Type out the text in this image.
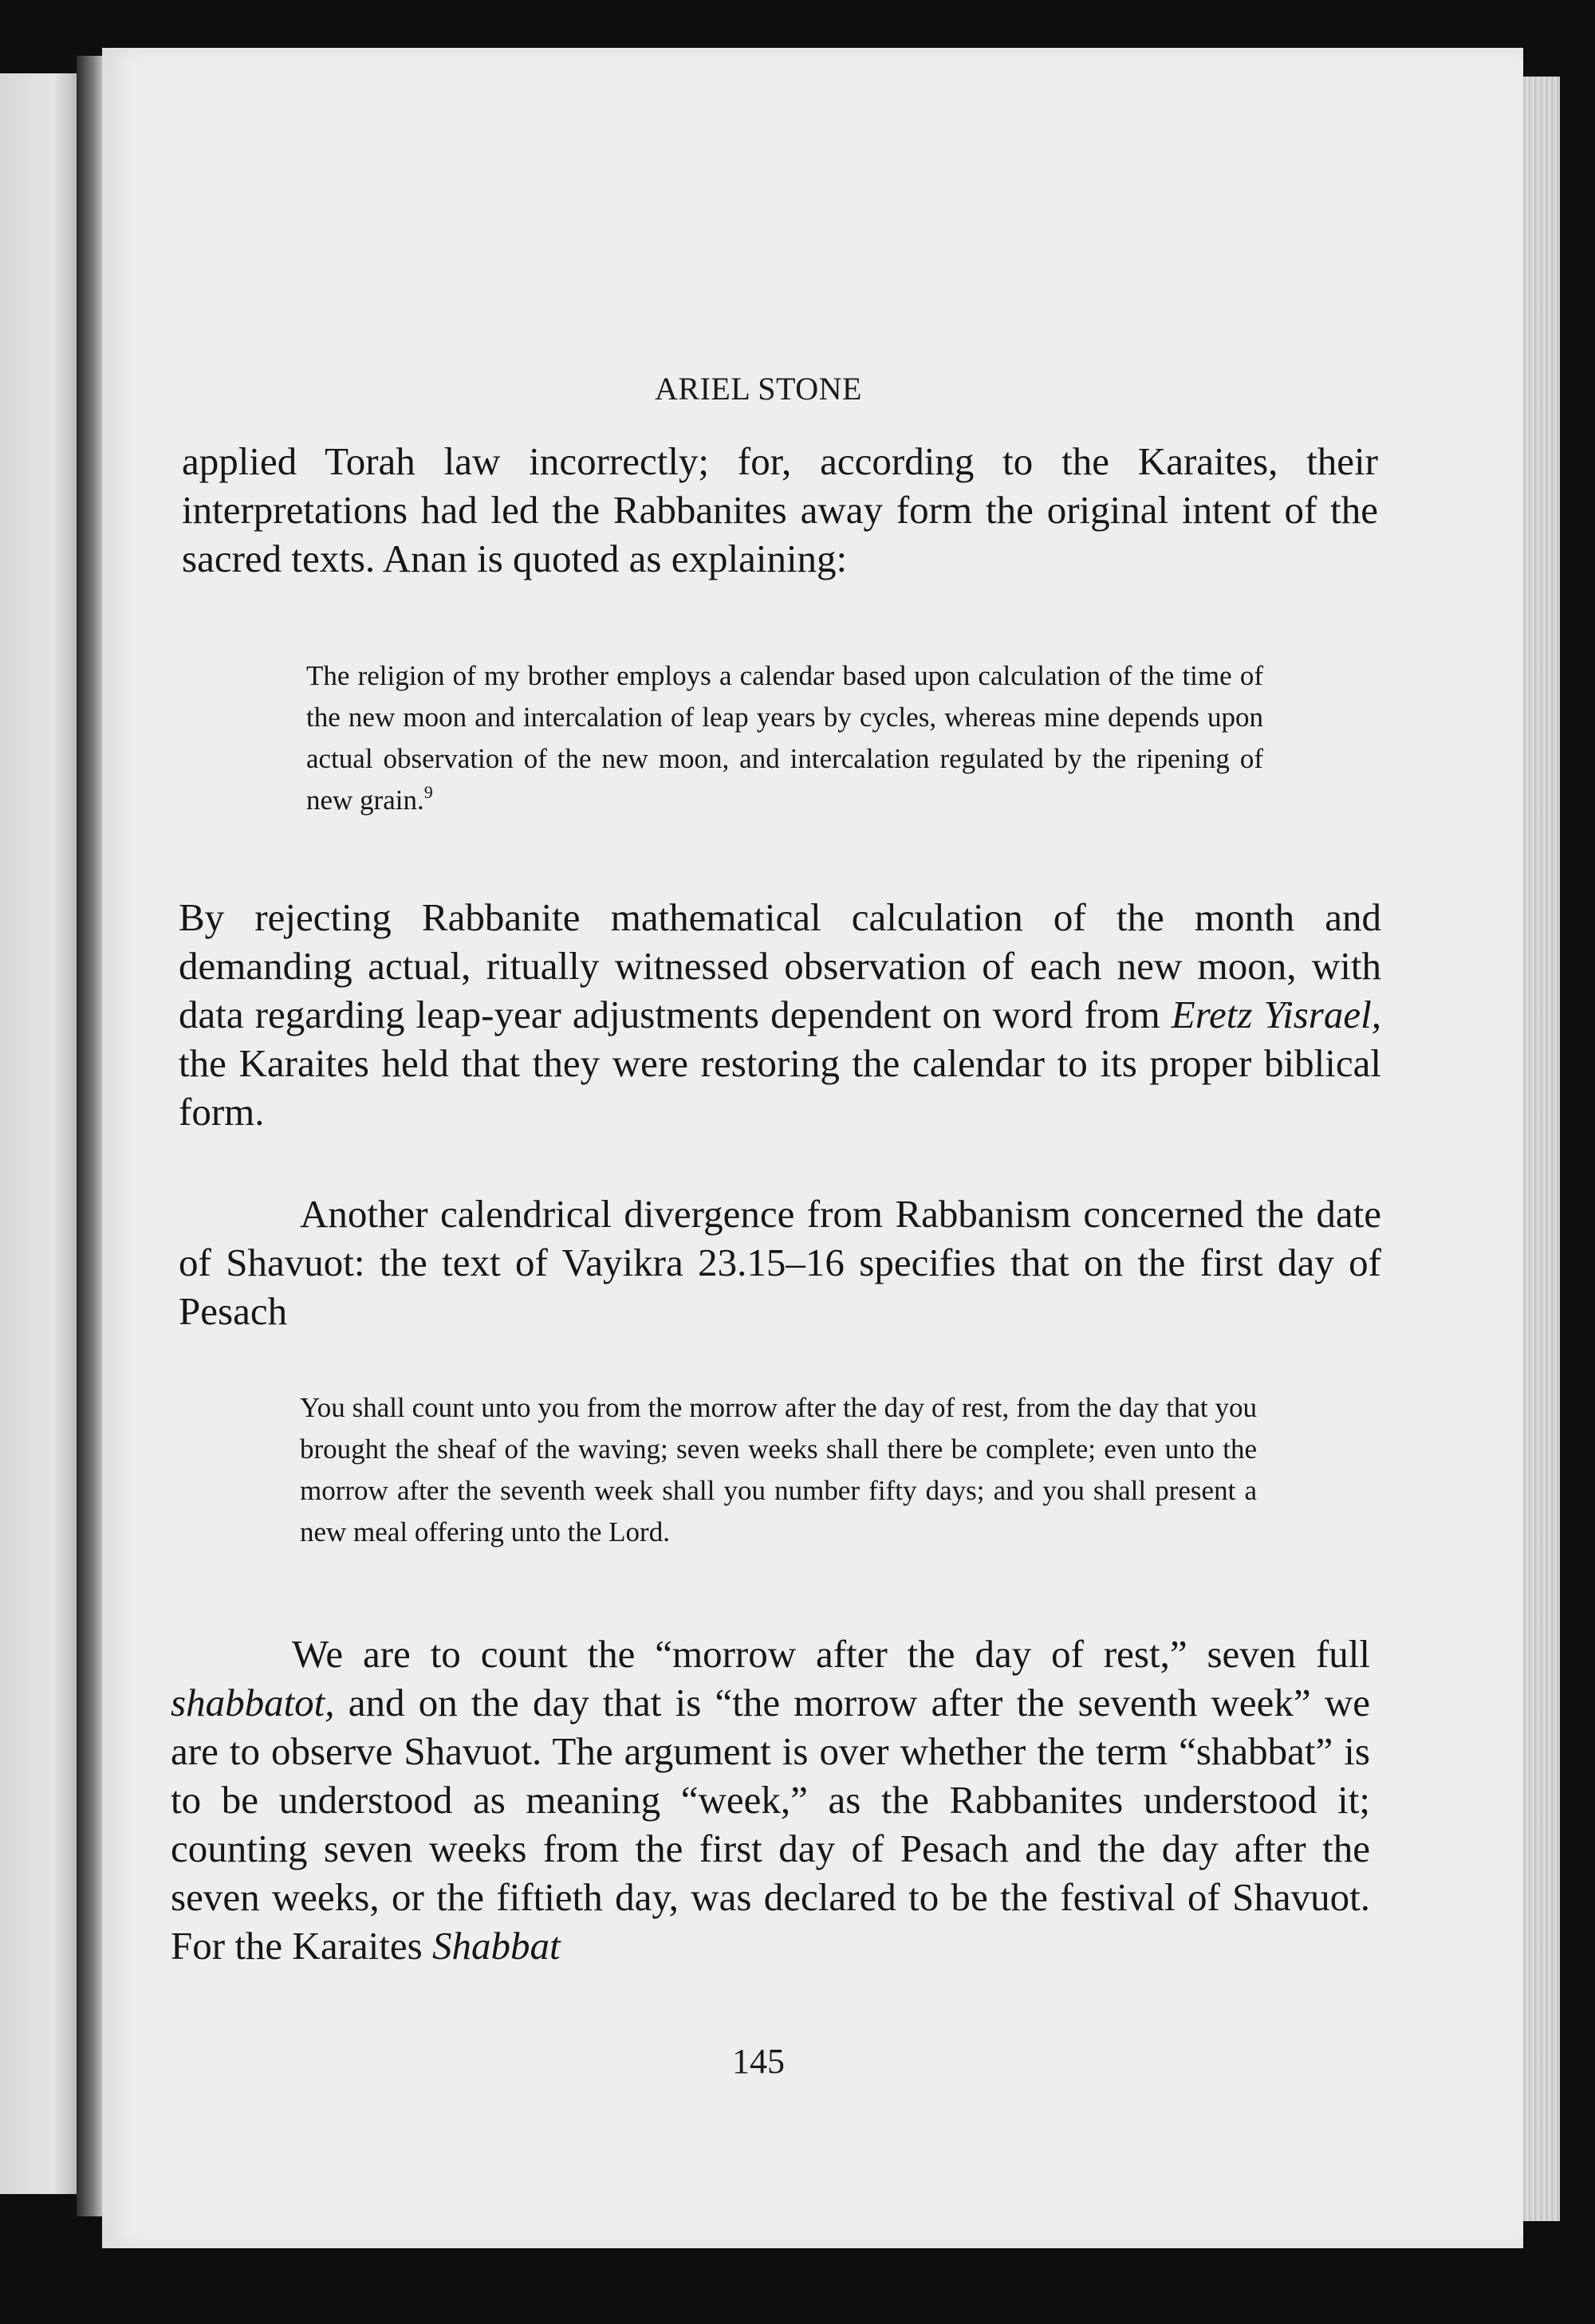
ARIEL STONE

applied Torah law incorrectly; for, according to the Karaites, their interpretations had led the Rabbanites away form the original intent of the sacred texts. Anan is quoted as explaining:

The religion of my brother employs a calendar based upon calculation of the time of the new moon and intercalation of leap years by cycles, whereas mine depends upon actual observation of the new moon, and intercalation regulated by the ripening of new grain.$^9$

By rejecting Rabbanite mathematical calculation of the month and demanding actual, ritually witnessed observation of each new moon, with data regarding leap-year adjustments dependent on word from Eretz Yisrael, the Karaites held that they were restoring the calendar to its proper biblical form.

Another calendrical divergence from Rabbanism concerned the date of Shavuot: the text of Vayikra 23.15–16 specifies that on the first day of Pesach

You shall count unto you from the morrow after the day of rest, from the day that you brought the sheaf of the waving; seven weeks shall there be complete; even unto the morrow after the seventh week shall you number fifty days; and you shall present a new meal offering unto the Lord.

We are to count the “morrow after the day of rest,” seven full shabbatot, and on the day that is “the morrow after the seventh week” we are to observe Shavuot. The argument is over whether the term “shabbat” is to be understood as meaning “week,” as the Rabbanites understood it; counting seven weeks from the first day of Pesach and the day after the seven weeks, or the fiftieth day, was declared to be the festival of Shavuot. For the Karaites Shabbat

145
